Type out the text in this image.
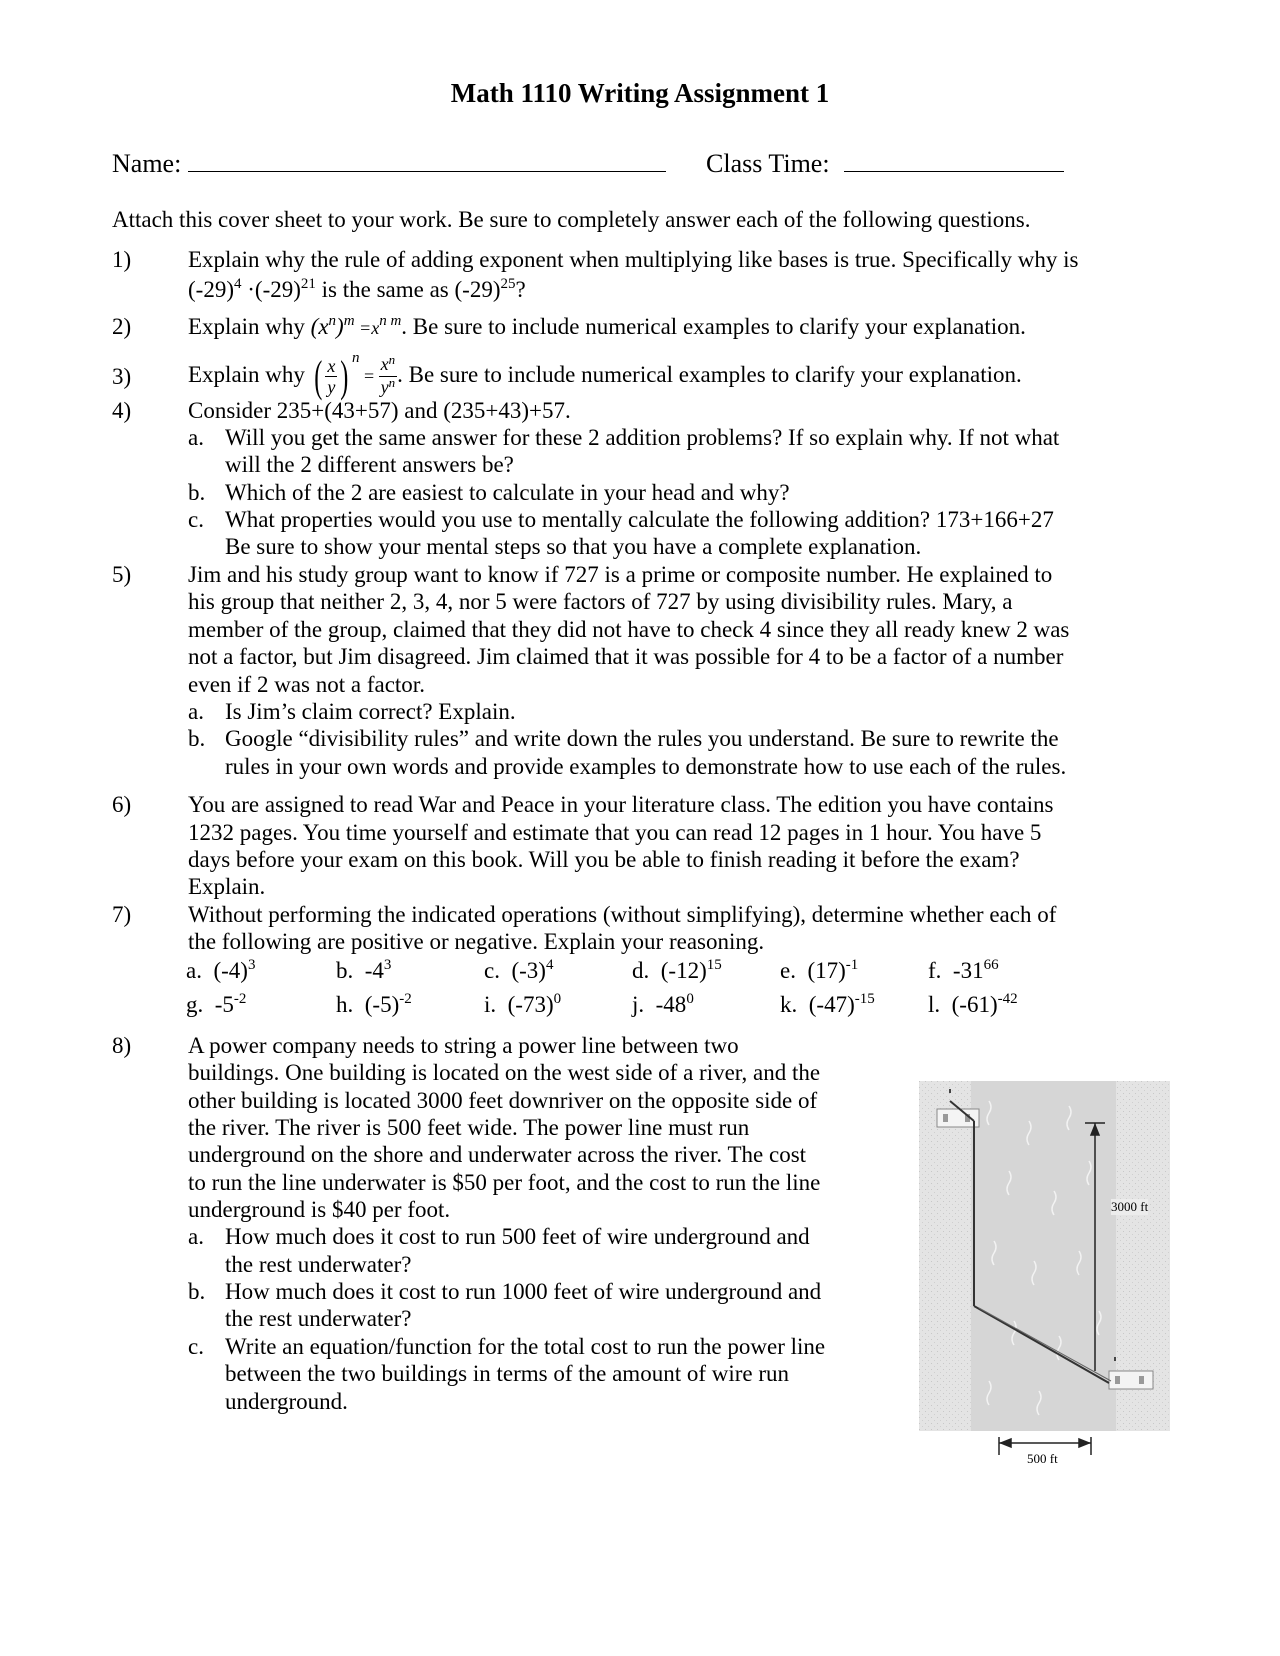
Math 1110 Writing Assignment 1
Name:	Class Time:
Attach this cover sheet to your work. Be sure to completely answer each of the following questions.
1) Explain why the rule of adding exponent when multiplying like bases is true. Specifically why is
$(-29)^4 \cdot(-29)^{21}$ is the same as $(-29)^{25}$?
2) Explain why $(x^n)^m =x^{n m}$. Be sure to include numerical examples to clarify your explanation.
3) Explain why ( $\frac{x}{y}$ ) $^n = \frac{x^n}{y^n}$ . Be sure to include numerical examples to clarify your explanation.
4) Consider 235+(43+57) and (235+43)+57.
a. Will you get the same answer for these 2 addition problems? If so explain why. If not what
will the 2 different answers be?
b. Which of the 2 are easiest to calculate in your head and why?
c. What properties would you use to mentally calculate the following addition? 173+166+27
Be sure to show your mental steps so that you have a complete explanation.
5) Jim and his study group want to know if 727 is a prime or composite number. He explained to
his group that neither 2, 3, 4, nor 5 were factors of 727 by using divisibility rules. Mary, a
member of the group, claimed that they did not have to check 4 since they all ready knew 2 was
not a factor, but Jim disagreed. Jim claimed that it was possible for 4 to be a factor of a number
even if 2 was not a factor.
a. Is Jim’s claim correct? Explain.
b. Google “divisibility rules” and write down the rules you understand. Be sure to rewrite the
rules in your own words and provide examples to demonstrate how to use each of the rules.
6) You are assigned to read War and Peace in your literature class. The edition you have contains
1232 pages. You time yourself and estimate that you can read 12 pages in 1 hour. You have 5
days before your exam on this book. Will you be able to finish reading it before the exam?
Explain.
7) Without performing the indicated operations (without simplifying), determine whether each of
the following are positive or negative. Explain your reasoning.
a. $(-4)^3$	b. $-4^3$	c. $(-3)^4$	d. $(-12)^{15}$	e. $(17)^{-1}$	f. $-31^{66}$
g. $-5^{-2}$	h. $(-5)^{-2}$	i. $(-73)^0$	j. $-48^0$	k. $(-47)^{-15}$ l. $(-61)^{-42}$
8) A power company needs to string a power line between two
buildings. One building is located on the west side of a river, and the
other building is located 3000 feet downriver on the opposite side of
the river. The river is 500 feet wide. The power line must run
underground on the shore and underwater across the river. The cost
to run the line underwater is $50 per foot, and the cost to run the line
underground is $40 per foot.
a. How much does it cost to run 500 feet of wire underground and
the rest underwater?
b. How much does it cost to run 1000 feet of wire underground and
the rest underwater?
c. Write an equation/function for the total cost to run the power line
between the two buildings in terms of the amount of wire run
underground.
3000 ft
500 ft
